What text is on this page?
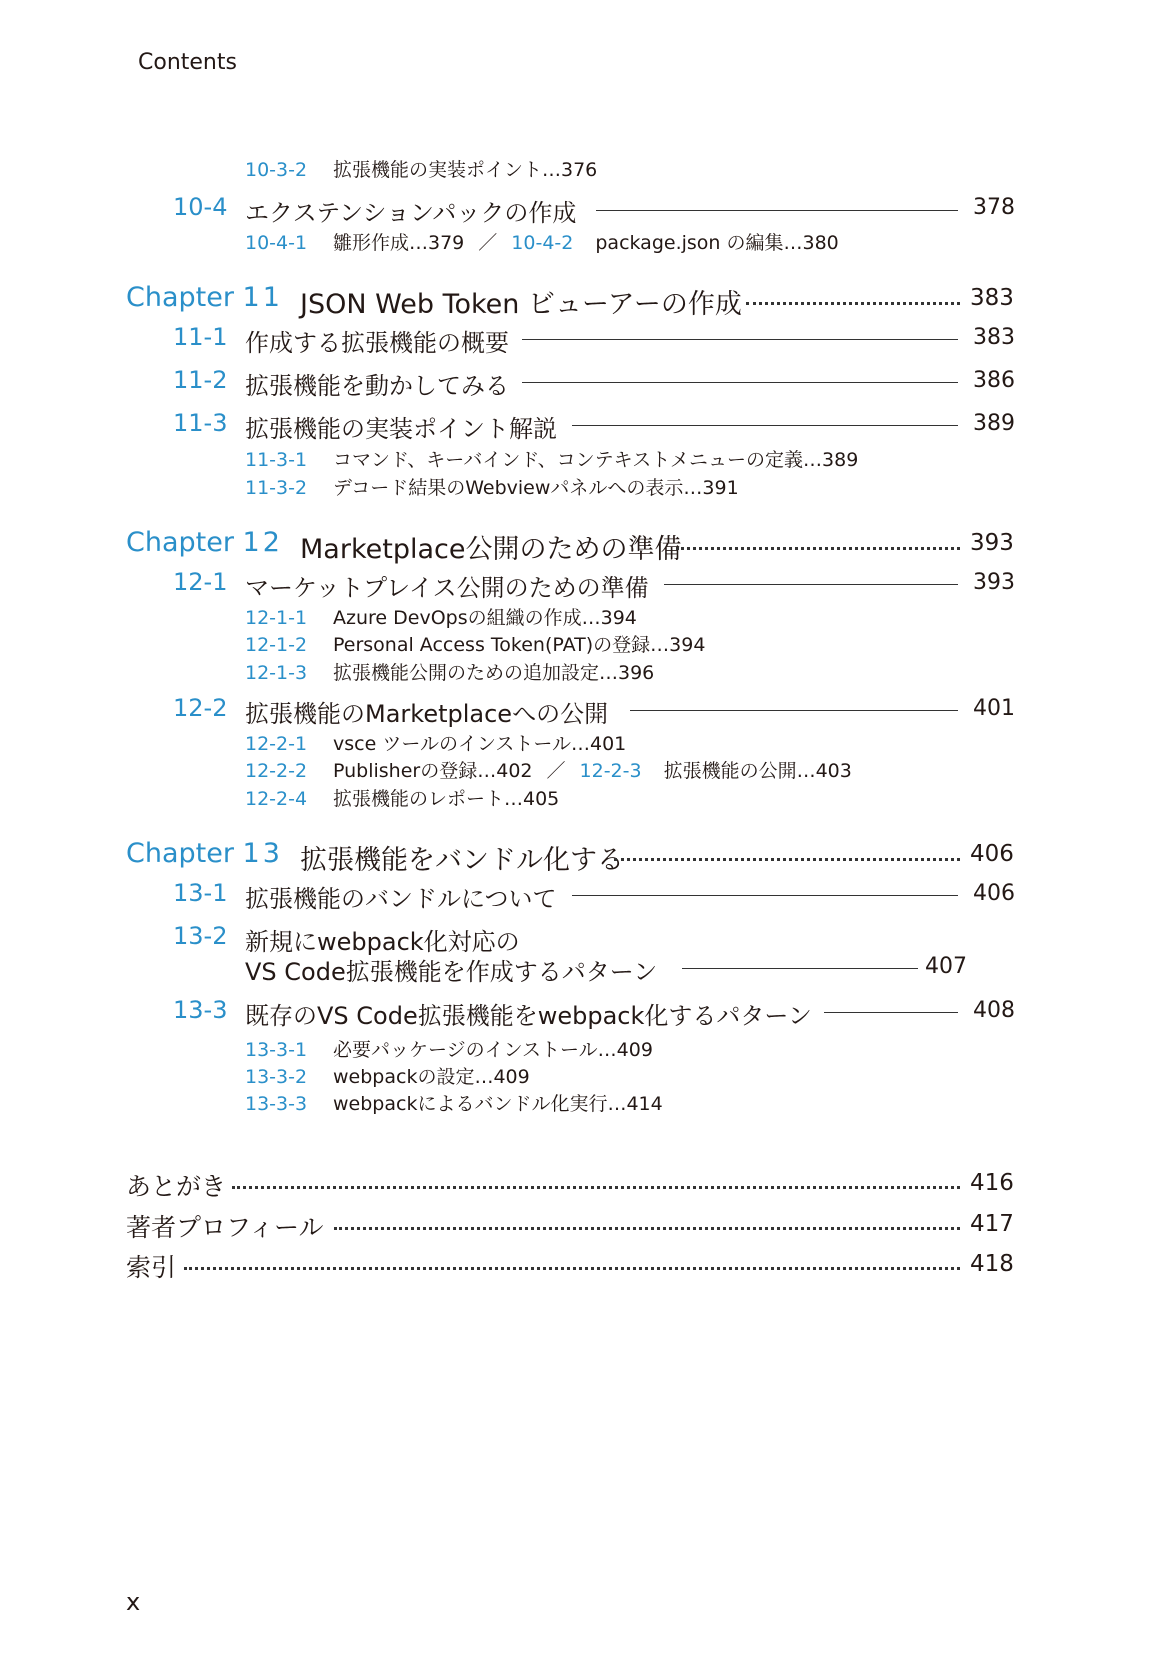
Contents
10-3-2 拡張機能の実装ポイント…376
10-4 エクステンションパックの作成	378
10-4-1 雛形作成…379 ／ 10-4-2 package.json の編集…380
Chapter 11 JSON Web Token ビューアーの作成	383
11-1 作成する拡張機能の概要	383
11-2 拡張機能を動かしてみる	386
11-3 拡張機能の実装ポイント解説	389
11-3-1 コマンド、キーバインド、コンテキストメニューの定義…389
11-3-2 デコード結果のWebviewパネルへの表示…391
Chapter 12 Marketplace公開のための準備	393
12-1 マーケットプレイス公開のための準備	393
12-1-1 Azure DevOpsの組織の作成…394
12-1-2 Personal Access Token(PAT)の登録…394
12-1-3 拡張機能公開のための追加設定…396
12-2 拡張機能のMarketplaceへの公開	401
12-2-1 vsce ツールのインストール…401
12-2-2 Publisherの登録…402 ／ 12-2-3 拡張機能の公開…403
12-2-4 拡張機能のレポート…405
Chapter 13 拡張機能をバンドル化する	406
13-1 拡張機能のバンドルについて	406
13-2 新規にwebpack化対応の
VS Code拡張機能を作成するパターン	407
13-3 既存のVS Code拡張機能をwebpack化するパターン	408
13-3-1 必要パッケージのインストール…409
13-3-2 webpackの設定…409
13-3-3 webpackによるバンドル化実行…414
あとがき	416
著者プロフィール	417
索引	418
x
